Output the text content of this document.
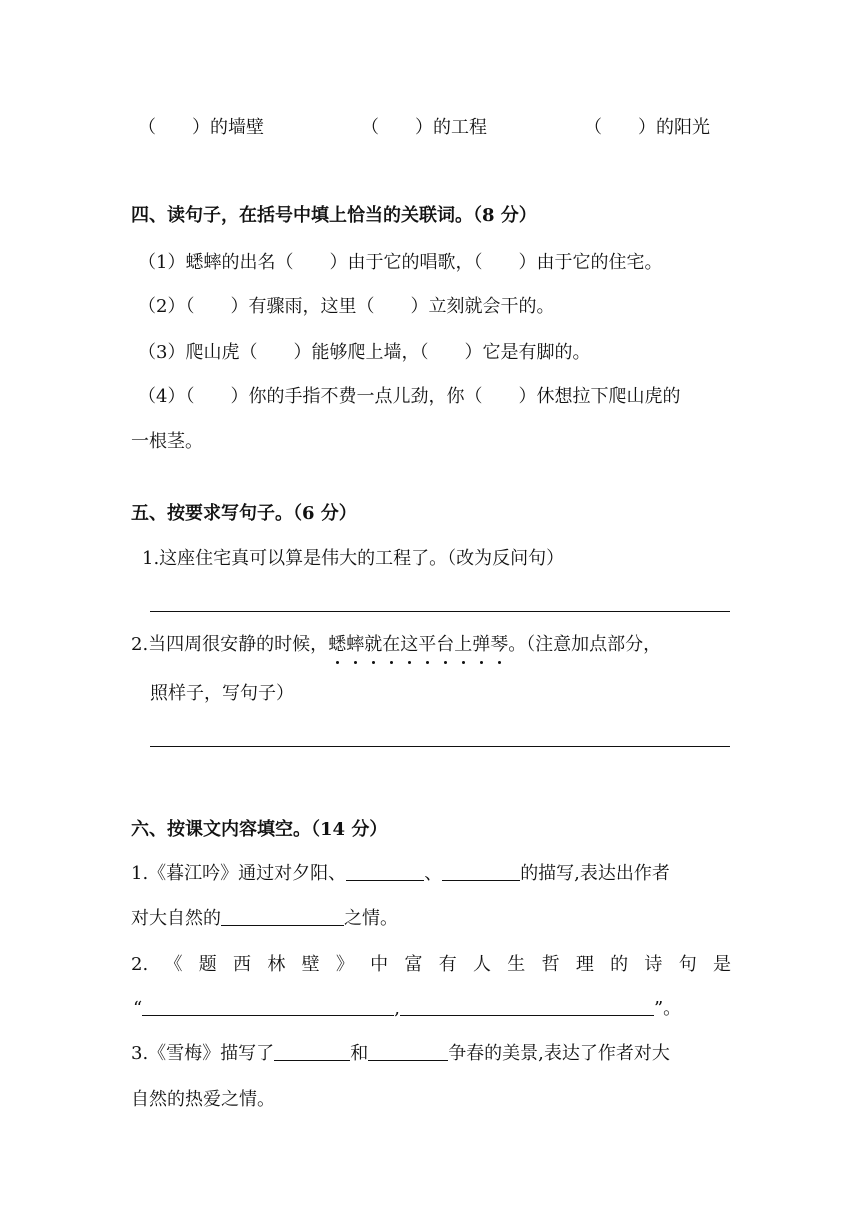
（　　）的墙壁	（　　）的工程	（　　）的阳光
四、读句子，在括号中填上恰当的关联词。（8 分）
（1）蟋蟀的出名（　　）由于它的唱歌，（　　）由于它的住宅。
（2）（　　）有骤雨，这里（　　）立刻就会干的。
（3）爬山虎（　　）能够爬上墙，（　　）它是有脚的。
（4）（　　）你的手指不费一点儿劲，你（　　）休想拉下爬山虎的
一根茎。
五、按要求写句子。（6 分）
1.这座住宅真可以算是伟大的工程了。（改为反问句）
2.当四周很安静的时候，蟋蟀就在这平台上弹琴。（注意加点部分，
照样子，写句子）
六、按课文内容填空。（14 分）
1.《暮江吟》通过对夕阳、	、	的描写,表达出作者
对大自然的	之情。
2. 《 题 西 林 壁 》 中 富 有 人 生 哲 理 的 诗 句 是
“	,	”。
3.《雪梅》描写了	和	争春的美景,表达了作者对大
自然的热爱之情。
